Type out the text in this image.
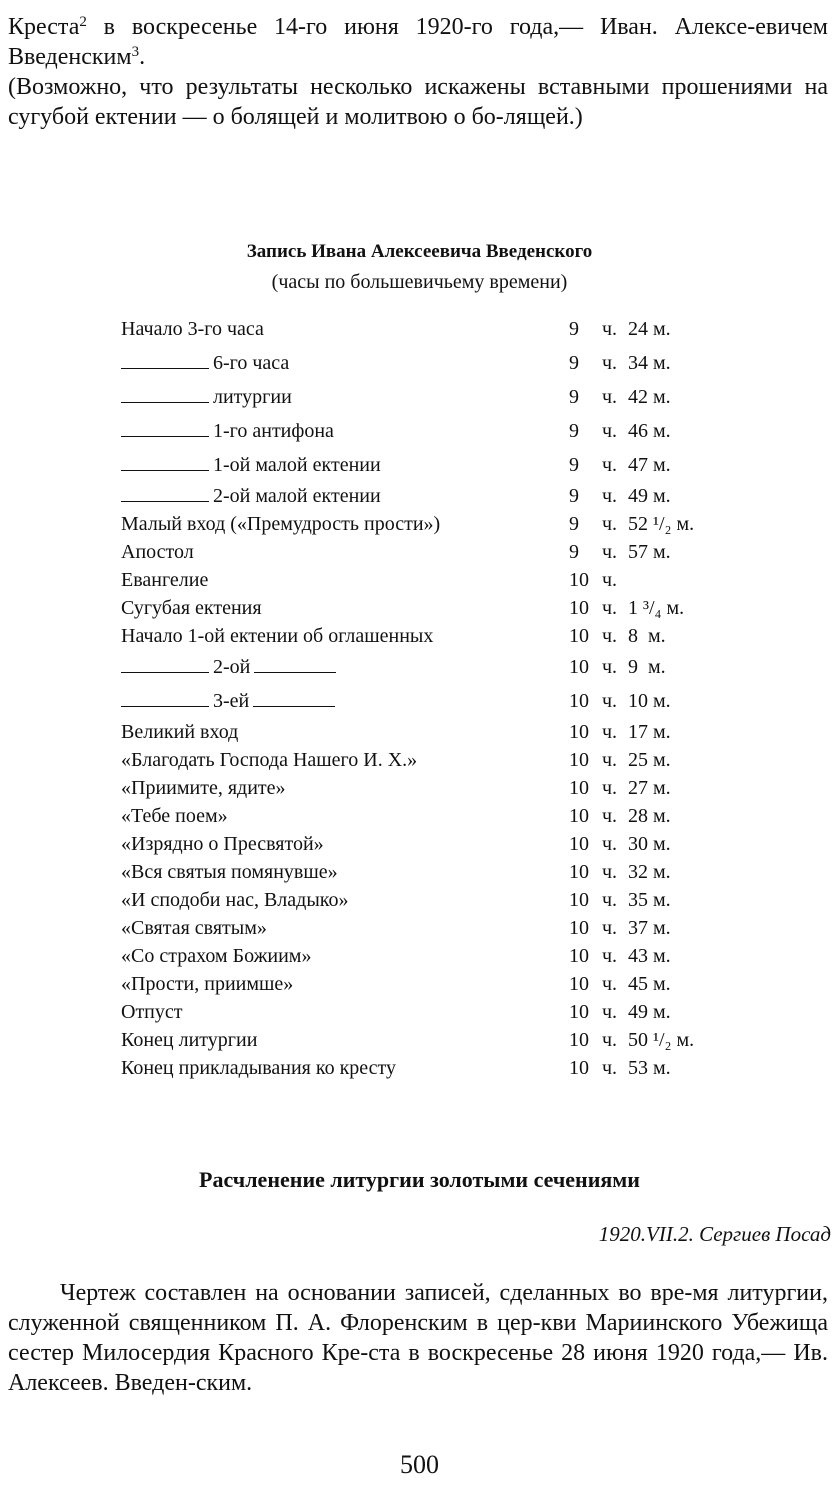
Креста$^2$ в воскресенье 14-го июня 1920-го года,— Иван. Алексе-евичем Введенским$^3$.

(Возможно, что результаты несколько искажены вставными прошениями на сугубой ектении — о болящей и молитвою о бо-лящей.)

Запись Ивана Алексеевича Введенского
(часы по большевичьему времени)
Начало 3-го часа	9 ч. 24 м.
6-го часа	9 ч. 34 м.
литургии	9 ч. 42 м.
1-го антифона	9 ч. 46 м.
1-ой малой ектении	9 ч. 47 м.
2-ой малой ектении	9 ч. 49 м.
Малый вход («Премудрость прости»)	9 ч. 52 ¹/₂ м.
Апостол	9 ч. 57 м.
Евангелие	10 ч.
Сугубая ектения	10 ч. 1 ³/₄ м.
Начало 1-ой ектении об оглашенных	10 ч. 8  м.
2-ой	10 ч. 9  м.
3-ей	10 ч. 10 м.
Великий вход	10 ч. 17 м.
«Благодать Господа Нашего И. Х.»	10 ч. 25 м.
«Приимите, ядите»	10 ч. 27 м.
«Тебе поем»	10 ч. 28 м.
«Изрядно о Пресвятой»	10 ч. 30 м.
«Вся святыя помянувше»	10 ч. 32 м.
«И сподоби нас, Владыко»	10 ч. 35 м.
«Святая святым»	10 ч. 37 м.
«Со страхом Божиим»	10 ч. 43 м.
«Прости, приимше»	10 ч. 45 м.
Отпуст	10 ч. 49 м.
Конец литургии	10 ч. 50 ¹/₂ м.
Конец прикладывания ко кресту	10 ч. 53 м.
Расчленение литургии золотыми сечениями
1920.VII.2. Сергиев Посад

Чертеж составлен на основании записей, сделанных во вре-мя литургии, служенной священником П. А. Флоренским в цер-кви Мариинского Убежища сестер Милосердия Красного Кре-ста в воскресенье 28 июня 1920 года,— Ив. Алексеев. Введен-ским.

500
